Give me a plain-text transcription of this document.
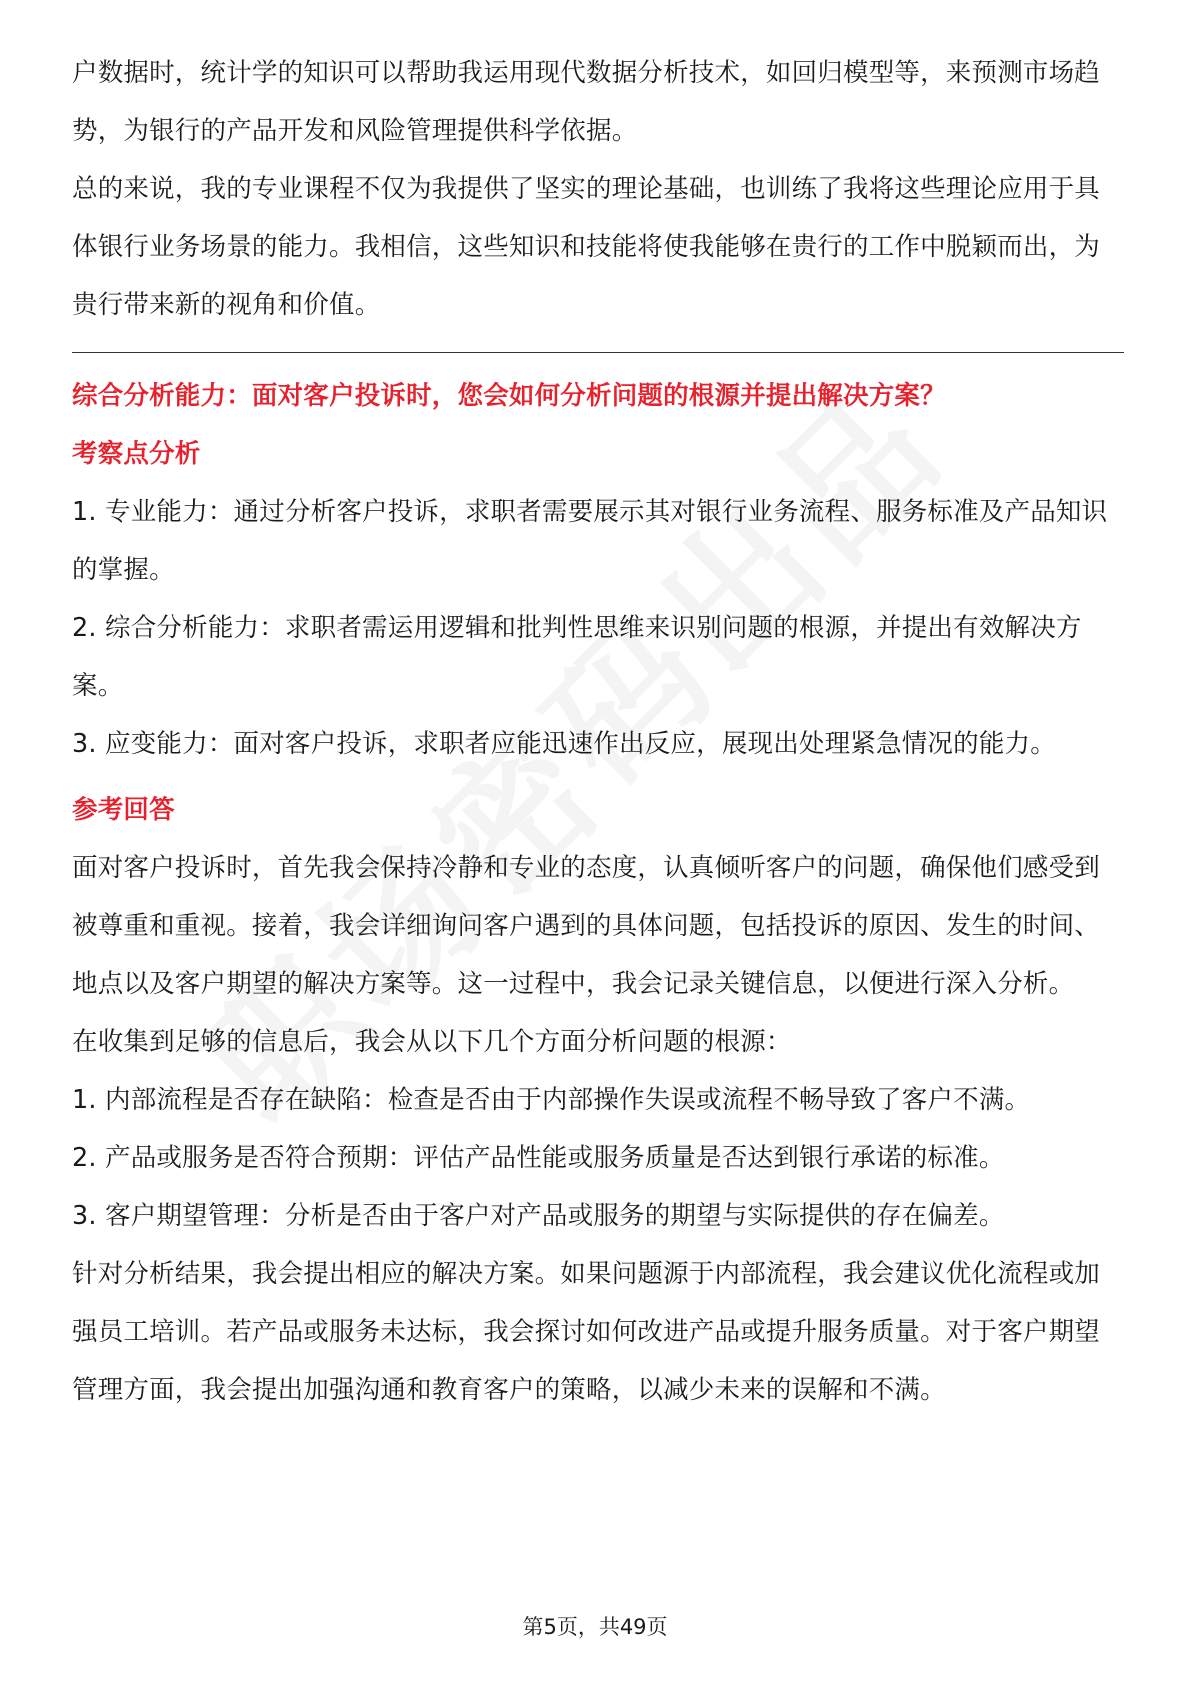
户数据时，统计学的知识可以帮助我运用现代数据分析技术，如回归模型等，来预测市场趋势，为银行的产品开发和风险管理提供科学依据。

总的来说，我的专业课程不仅为我提供了坚实的理论基础，也训练了我将这些理论应用于具体银行业务场景的能力。我相信，这些知识和技能将使我能够在贵行的工作中脱颖而出，为贵行带来新的视角和价值。

综合分析能力：面对客户投诉时，您会如何分析问题的根源并提出解决方案？

考察点分析

1. 专业能力：通过分析客户投诉，求职者需要展示其对银行业务流程、服务标准及产品知识的掌握。

2. 综合分析能力：求职者需运用逻辑和批判性思维来识别问题的根源，并提出有效解决方案。

3. 应变能力：面对客户投诉，求职者应能迅速作出反应，展现出处理紧急情况的能力。

参考回答

面对客户投诉时，首先我会保持冷静和专业的态度，认真倾听客户的问题，确保他们感受到被尊重和重视。接着，我会详细询问客户遇到的具体问题，包括投诉的原因、发生的时间、地点以及客户期望的解决方案等。这一过程中，我会记录关键信息，以便进行深入分析。

在收集到足够的信息后，我会从以下几个方面分析问题的根源：

1. 内部流程是否存在缺陷：检查是否由于内部操作失误或流程不畅导致了客户不满。

2. 产品或服务是否符合预期：评估产品性能或服务质量是否达到银行承诺的标准。

3. 客户期望管理：分析是否由于客户对产品或服务的期望与实际提供的存在偏差。

针对分析结果，我会提出相应的解决方案。如果问题源于内部流程，我会建议优化流程或加强员工培训。若产品或服务未达标，我会探讨如何改进产品或提升服务质量。对于客户期望管理方面，我会提出加强沟通和教育客户的策略，以减少未来的误解和不满。

第5页，共49页
